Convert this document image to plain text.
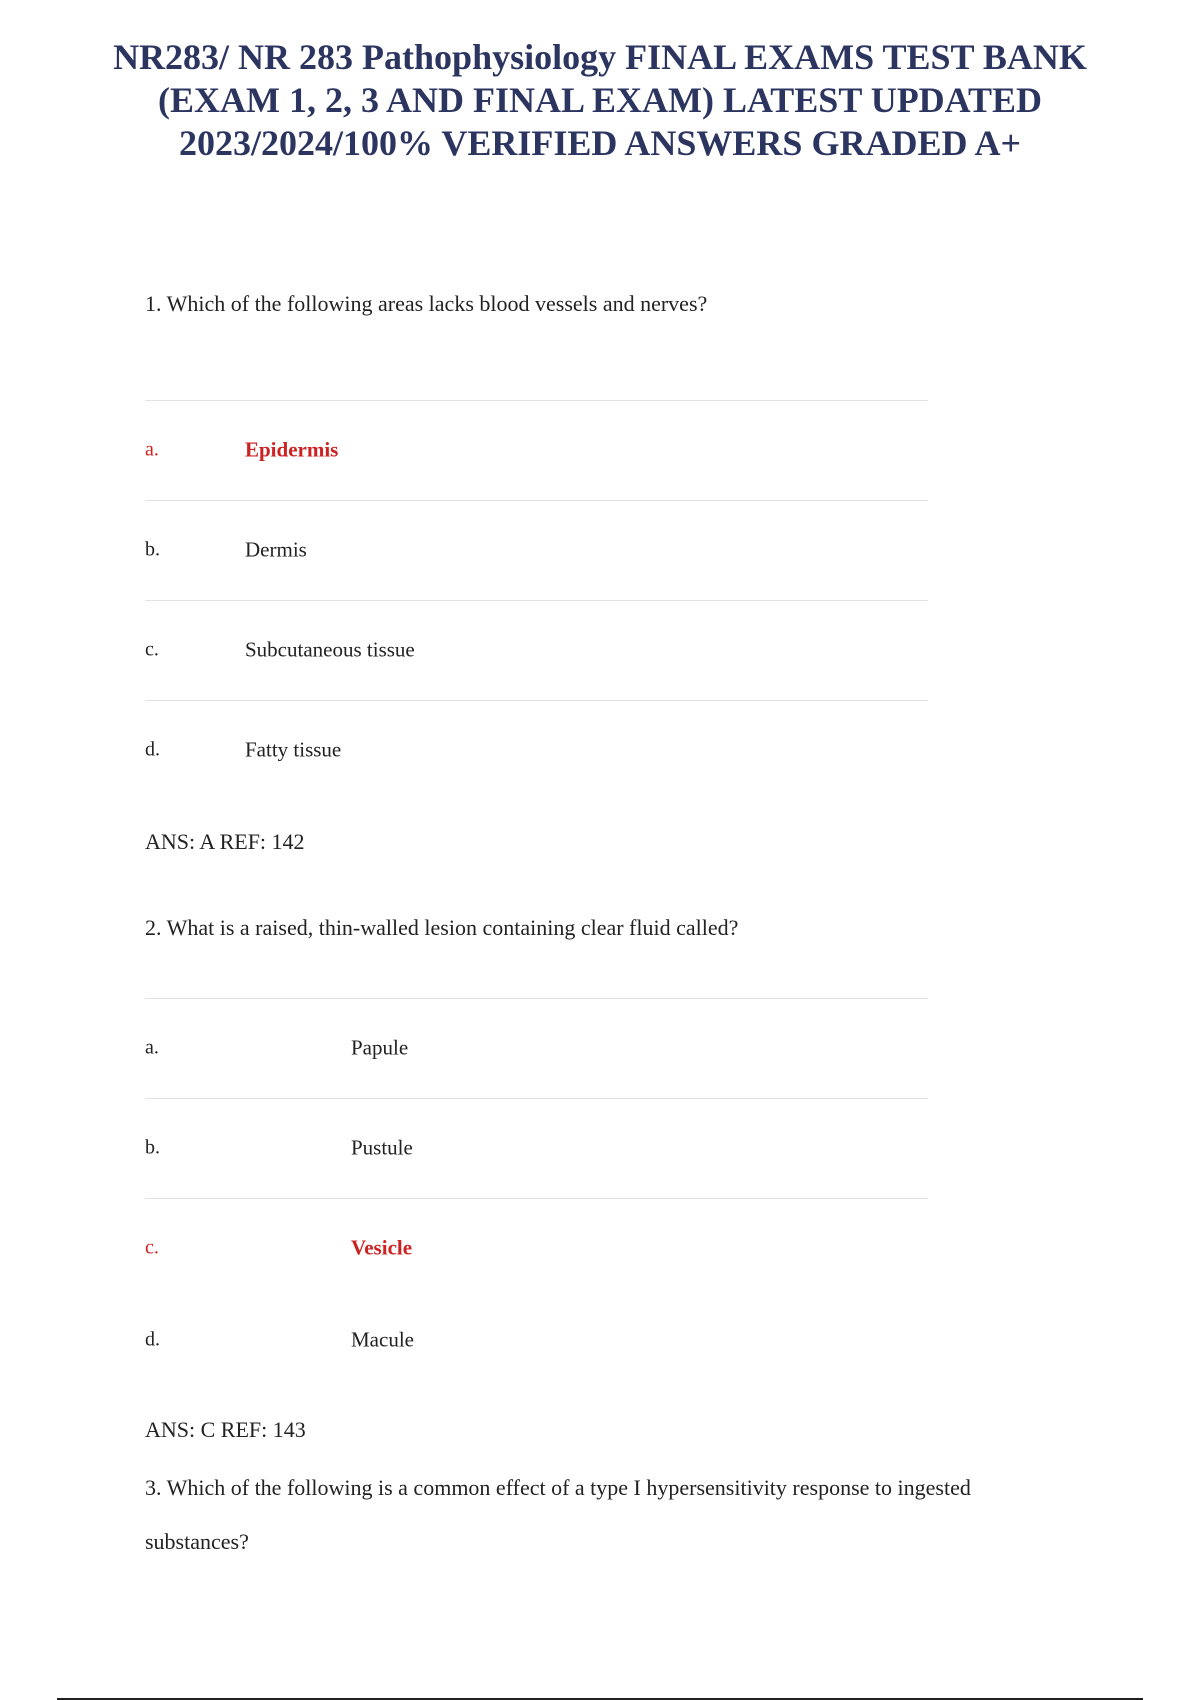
NR283/ NR 283 Pathophysiology FINAL EXAMS TEST BANK (EXAM 1, 2, 3 AND FINAL EXAM) LATEST UPDATED 2023/2024/100% VERIFIED ANSWERS GRADED A+

1. Which of the following areas lacks blood vessels and nerves?

a.	Epidermis
b.	Dermis
c.	Subcutaneous tissue
d.	Fatty tissue
ANS: A REF: 142

2. What is a raised, thin-walled lesion containing clear fluid called?

a.	Papule
b.	Pustule
c.	Vesicle
d.	Macule
ANS: C REF: 143

3. Which of the following is a common effect of a type I hypersensitivity response to ingested substances?
